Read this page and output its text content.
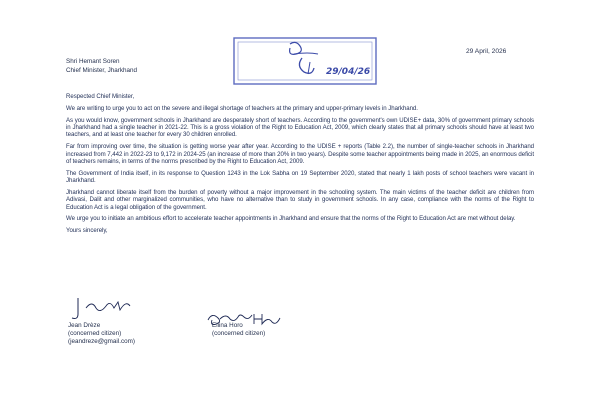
29/04/26
29 April, 2026
Shri Hemant Soren
Chief Minister, Jharkhand

Respected Chief Minister,

We are writing to urge you to act on the severe and illegal shortage of teachers at the primary and upper-primary levels in Jharkhand.

As you would know, government schools in Jharkhand are desperately short of teachers. According to the government's own UDISE+ data, 30% of government primary schools in Jharkhand had a single teacher in 2021-22. This is a gross violation of the Right to Education Act, 2009, which clearly states that all primary schools should have at least two teachers, and at least one teacher for every 30 children enrolled.

Far from improving over time, the situation is getting worse year after year. According to the UDISE + reports (Table 2.2), the number of single-teacher schools in Jharkhand increased from 7,442 in 2022-23 to 9,172 in 2024-25 (an increase of more than 20% in two years). Despite some teacher appointments being made in 2025, an enormous deficit of teachers remains, in terms of the norms prescribed by the Right to Education Act, 2009.

The Government of India itself, in its response to Question 1243 in the Lok Sabha on 19 September 2020, stated that nearly 1 lakh posts of school teachers were vacant in Jharkhand.

Jharkhand cannot liberate itself from the burden of poverty without a major improvement in the schooling system. The main victims of the teacher deficit are children from Adivasi, Dalit and other marginalized communities, who have no alternative than to study in government schools. In any case, compliance with the norms of the Right to Education Act is a legal obligation of the government.

We urge you to initiate an ambitious effort to accelerate teacher appointments in Jharkhand and ensure that the norms of the Right to Education Act are met without delay.

Yours sincerely,

Jean Drèze
(concerned citizen)
(jeandreze@gmail.com)
Ellina Horo
(concerned citizen)
